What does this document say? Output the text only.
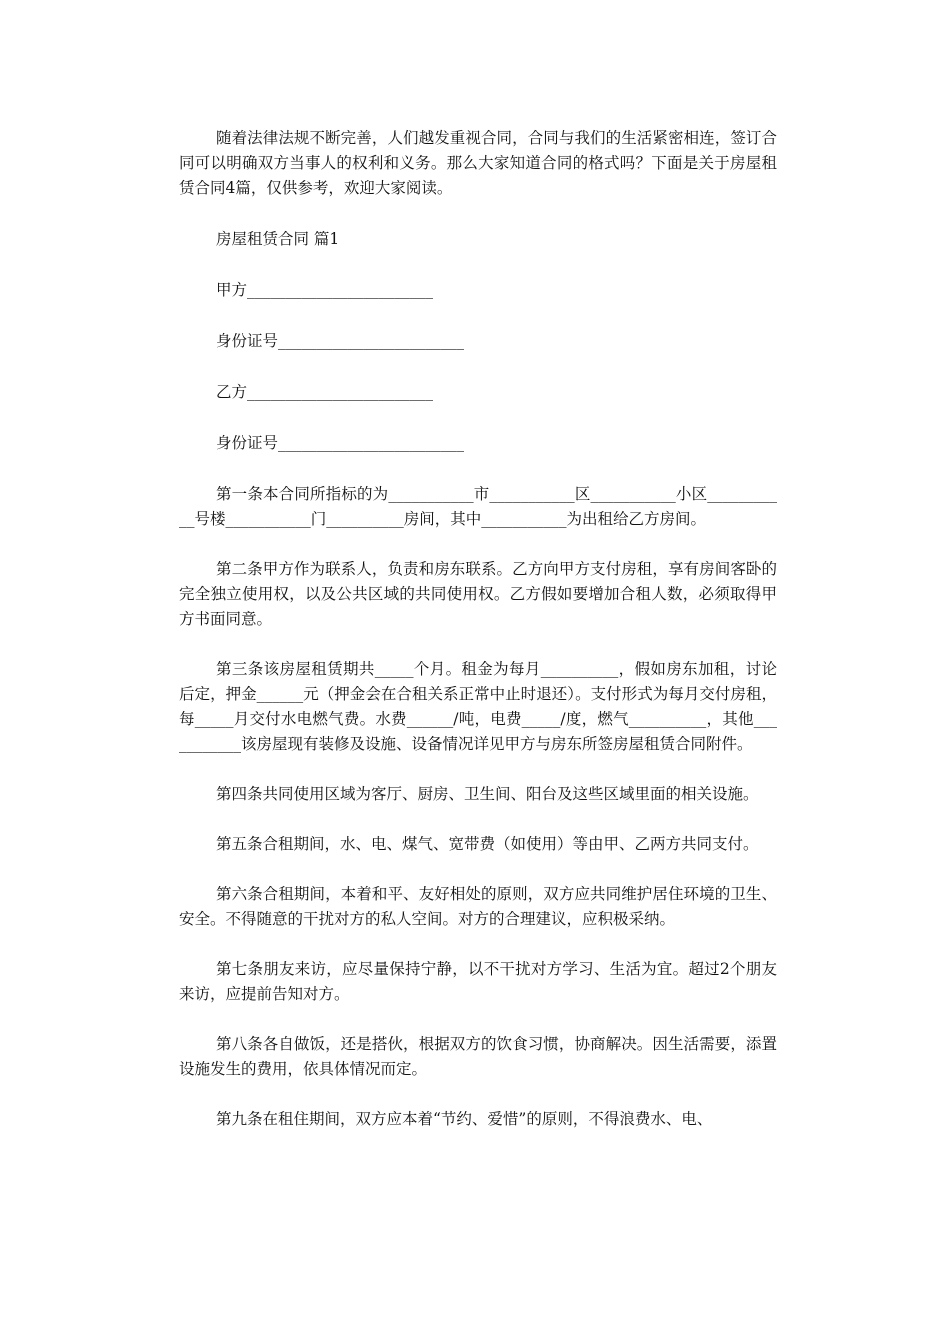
随着法律法规不断完善，人们越发重视合同，合同与我们的生活紧密相连，签订合同可以明确双方当事人的权利和义务。那么大家知道合同的格式吗？下面是关于房屋租赁合同4篇，仅供参考，欢迎大家阅读。

房屋租赁合同 篇1

甲方________________________

身份证号________________________

乙方________________________

身份证号________________________

第一条本合同所指标的为___________市___________区___________小区___________号楼___________门__________房间，其中___________为出租给乙方房间。

第二条甲方作为联系人，负责和房东联系。乙方向甲方支付房租，享有房间客卧的完全独立使用权，以及公共区域的共同使用权。乙方假如要增加合租人数，必须取得甲方书面同意。

第三条该房屋租赁期共_____个月。租金为每月__________，假如房东加租，讨论后定，押金______元（押金会在合租关系正常中止时退还）。支付形式为每月交付房租，每_____月交付水电燃气费。水费______/吨，电费_____/度，燃气__________，其他___________该房屋现有装修及设施、设备情况详见甲方与房东所签房屋租赁合同附件。

第四条共同使用区域为客厅、厨房、卫生间、阳台及这些区域里面的相关设施。

第五条合租期间，水、电、煤气、宽带费（如使用）等由甲、乙两方共同支付。

第六条合租期间，本着和平、友好相处的原则，双方应共同维护居住环境的卫生、安全。不得随意的干扰对方的私人空间。对方的合理建议，应积极采纳。

第七条朋友来访，应尽量保持宁静，以不干扰对方学习、生活为宜。超过2个朋友来访，应提前告知对方。

第八条各自做饭，还是搭伙，根据双方的饮食习惯，协商解决。因生活需要，添置设施发生的费用，依具体情况而定。

第九条在租住期间，双方应本着“节约、爱惜”的原则，不得浪费水、电、
